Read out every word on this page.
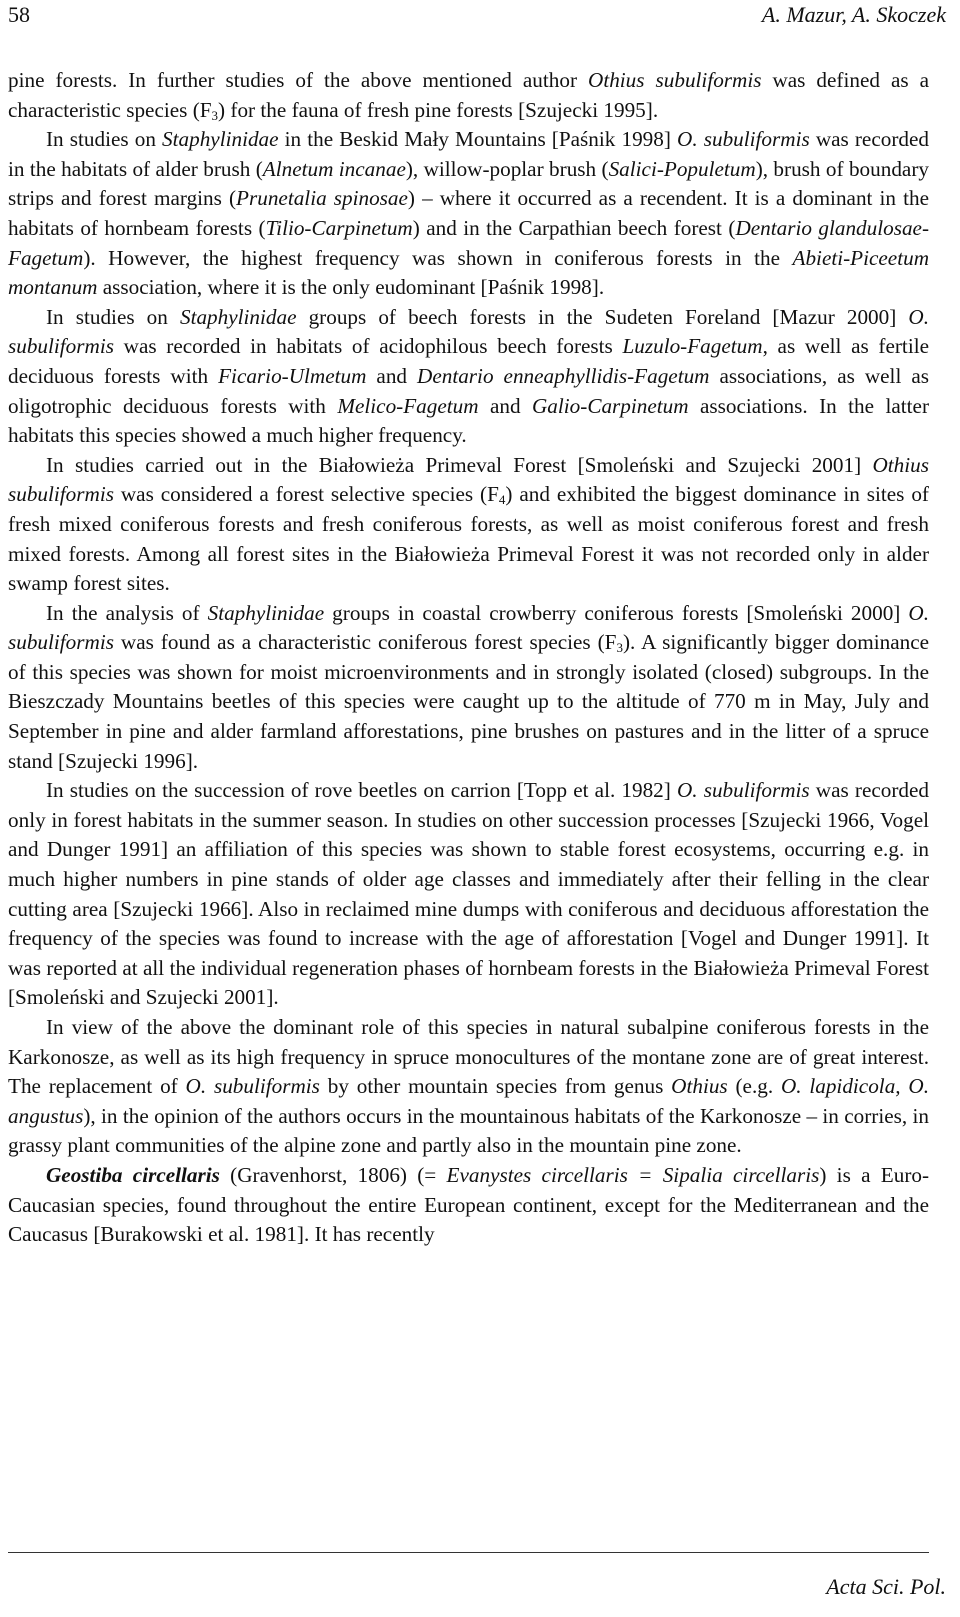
58	A. Mazur, A. Skoczek

pine forests. In further studies of the above mentioned author Othius subuliformis was defined as a characteristic species $(F_3)$ for the fauna of fresh pine forests [Szujecki 1995].

In studies on Staphylinidae in the Beskid Mały Mountains [Paśnik 1998] O. subuliformis was recorded in the habitats of alder brush (Alnetum incanae), willow-poplar brush (Salici-Populetum), brush of boundary strips and forest margins (Prunetalia spinosae) – where it occurred as a recendent. It is a dominant in the habitats of hornbeam forests (Tilio-Carpinetum) and in the Carpathian beech forest (Dentario glandulosae-Fagetum). However, the highest frequency was shown in coniferous forests in the Abieti-Piceetum montanum association, where it is the only eudominant [Paśnik 1998].

In studies on Staphylinidae groups of beech forests in the Sudeten Foreland [Mazur 2000] O. subuliformis was recorded in habitats of acidophilous beech forests Luzulo-Fagetum, as well as fertile deciduous forests with Ficario-Ulmetum and Dentario enneaphyllidis-Fagetum associations, as well as oligotrophic deciduous forests with Melico-Fagetum and Galio-Carpinetum associations. In the latter habitats this species showed a much higher frequency.

In studies carried out in the Białowieża Primeval Forest [Smoleński and Szujecki 2001] Othius subuliformis was considered a forest selective species $(F_4)$ and exhibited the biggest dominance in sites of fresh mixed coniferous forests and fresh coniferous forests, as well as moist coniferous forest and fresh mixed forests. Among all forest sites in the Białowieża Primeval Forest it was not recorded only in alder swamp forest sites.

In the analysis of Staphylinidae groups in coastal crowberry coniferous forests [Smoleński 2000] O. subuliformis was found as a characteristic coniferous forest species $(F_3)$. A significantly bigger dominance of this species was shown for moist microenvironments and in strongly isolated (closed) subgroups. In the Bieszczady Mountains beetles of this species were caught up to the altitude of 770 m in May, July and September in pine and alder farmland afforestations, pine brushes on pastures and in the litter of a spruce stand [Szujecki 1996].

In studies on the succession of rove beetles on carrion [Topp et al. 1982] O. subuliformis was recorded only in forest habitats in the summer season. In studies on other succession processes [Szujecki 1966, Vogel and Dunger 1991] an affiliation of this species was shown to stable forest ecosystems, occurring e.g. in much higher numbers in pine stands of older age classes and immediately after their felling in the clear cutting area [Szujecki 1966]. Also in reclaimed mine dumps with coniferous and deciduous afforestation the frequency of the species was found to increase with the age of afforestation [Vogel and Dunger 1991]. It was reported at all the individual regeneration phases of hornbeam forests in the Białowieża Primeval Forest [Smoleński and Szujecki 2001].

In view of the above the dominant role of this species in natural subalpine coniferous forests in the Karkonosze, as well as its high frequency in spruce monocultures of the montane zone are of great interest. The replacement of O. subuliformis by other mountain species from genus Othius (e.g. O. lapidicola, O. angustus), in the opinion of the authors occurs in the mountainous habitats of the Karkonosze – in corries, in grassy plant communities of the alpine zone and partly also in the mountain pine zone.

Geostiba circellaris (Gravenhorst, 1806) (= Evanystes circellaris = Sipalia circellaris) is a Euro-Caucasian species, found throughout the entire European continent, except for the Mediterranean and the Caucasus [Burakowski et al. 1981]. It has recently

Acta Sci. Pol.
